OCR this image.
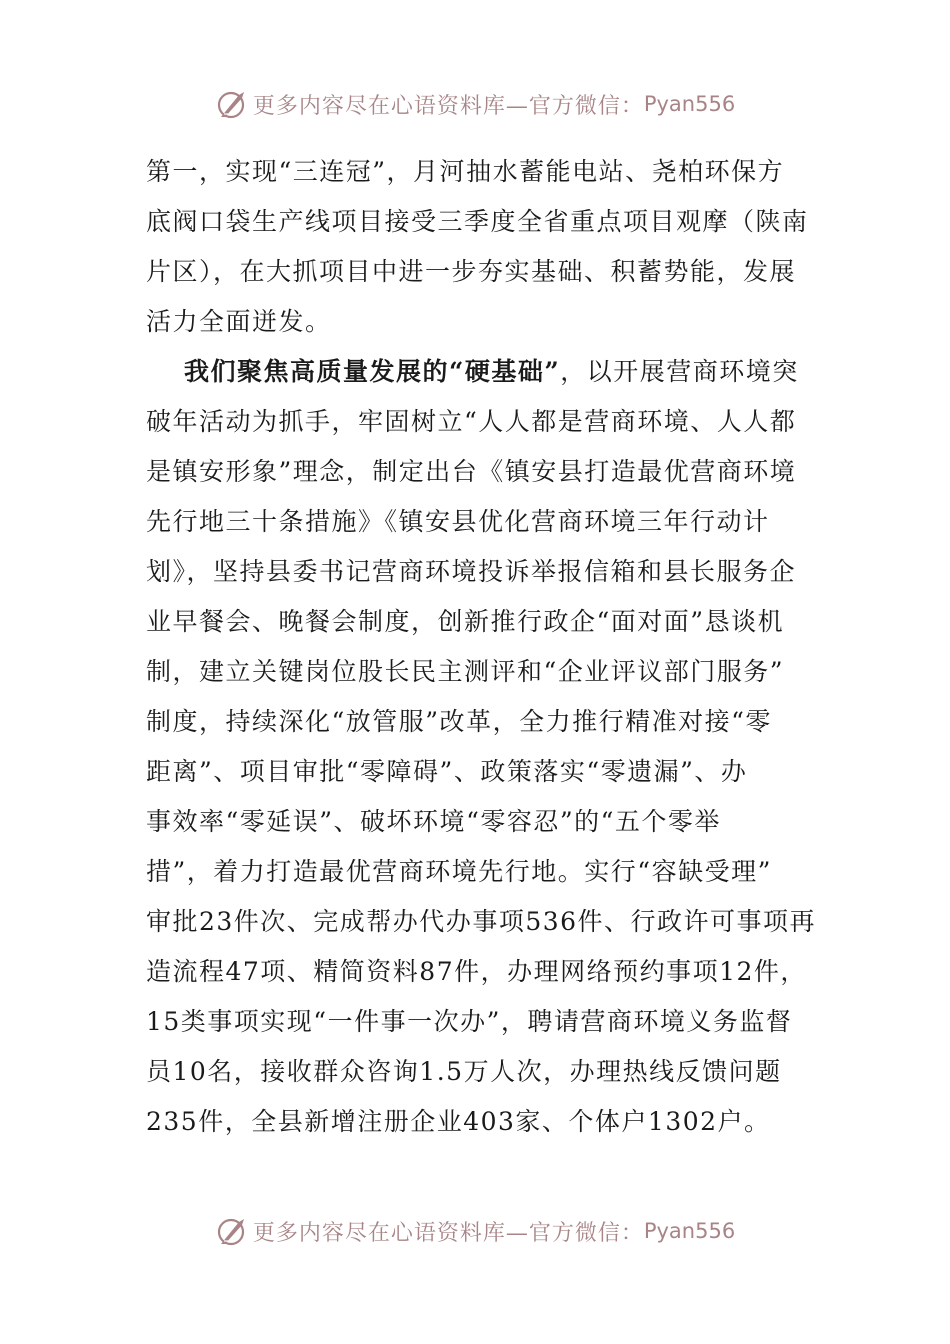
更多内容尽在心语资料库—官方微信： Pyan556
第一，实现“三连冠”，月河抽水蓄能电站、尧柏环保方
底阀口袋生产线项目接受三季度全省重点项目观摩（陕南
片区），在大抓项目中进一步夯实基础、积蓄势能，发展
活力全面迸发。
我们聚焦高质量发展的“硬基础”，以开展营商环境突
破年活动为抓手，牢固树立“人人都是营商环境、人人都
是镇安形象”理念，制定出台《镇安县打造最优营商环境
先行地三十条措施》《镇安县优化营商环境三年行动计
划》，坚持县委书记营商环境投诉举报信箱和县长服务企
业早餐会、晚餐会制度，创新推行政企“面对面”恳谈机
制，建立关键岗位股长民主测评和“企业评议部门服务”
制度，持续深化“放管服”改革，全力推行精准对接“零
距离”、项目审批“零障碍”、政策落实“零遗漏”、办
事效率“零延误”、破坏环境“零容忍”的“五个零举
措”，着力打造最优营商环境先行地。实行“容缺受理”
审批23件次、完成帮办代办事项536件、行政许可事项再
造流程47项、精简资料87件，办理网络预约事项12件，
15类事项实现“一件事一次办”，聘请营商环境义务监督
员10名，接收群众咨询1.5万人次，办理热线反馈问题
235件，全县新增注册企业403家、个体户1302户。
更多内容尽在心语资料库—官方微信： Pyan556
